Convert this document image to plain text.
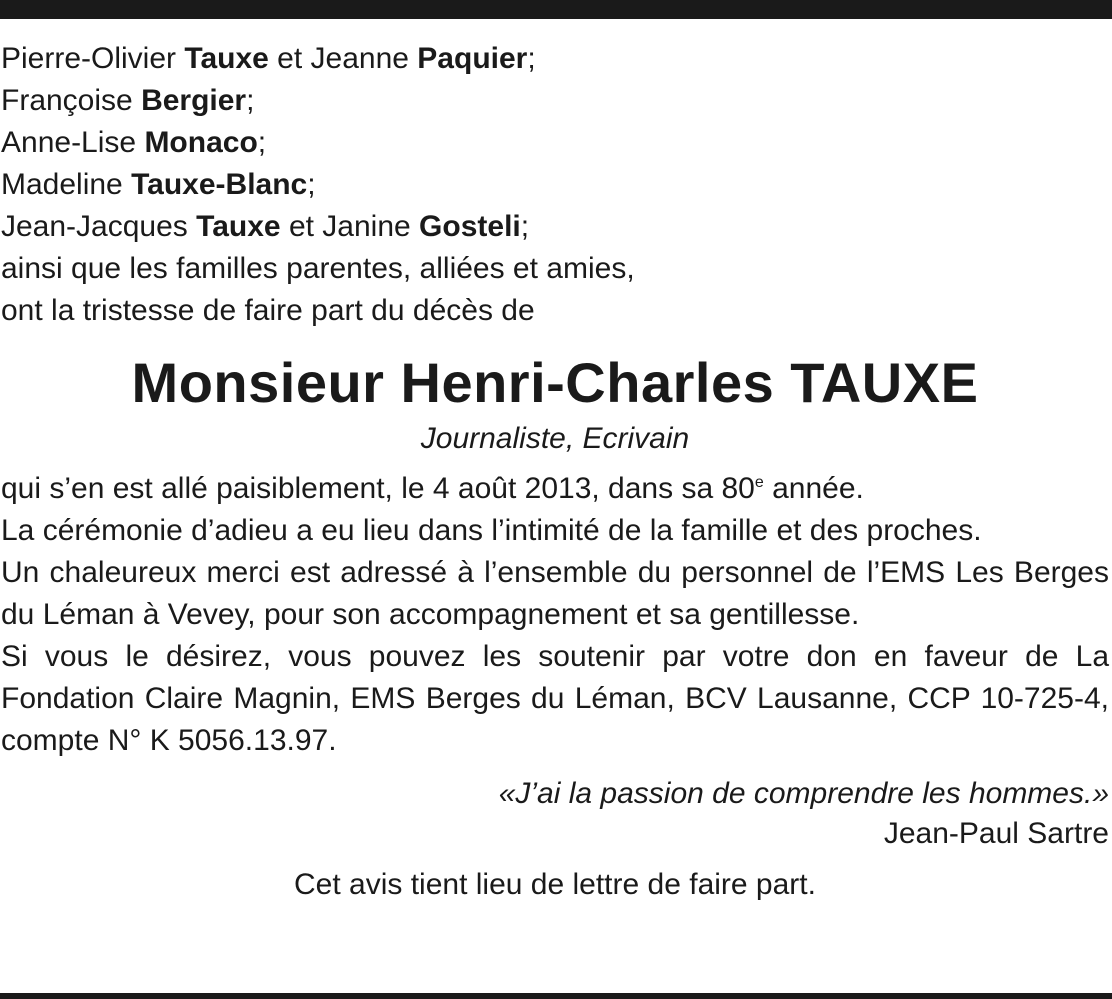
Pierre-Olivier Tauxe et Jeanne Paquier;
Françoise Bergier;
Anne-Lise Monaco;
Madeline Tauxe-Blanc;
Jean-Jacques Tauxe et Janine Gosteli;
ainsi que les familles parentes, alliées et amies,
ont la tristesse de faire part du décès de
Monsieur Henri-Charles TAUXE
Journaliste, Ecrivain
qui s’en est allé paisiblement, le 4 août 2013, dans sa 80e année.
La cérémonie d’adieu a eu lieu dans l’intimité de la famille et des proches.
Un chaleureux merci est adressé à l’ensemble du personnel de l’EMS Les Berges du Léman à Vevey, pour son accompagnement et sa gentillesse.
Si vous le désirez, vous pouvez les soutenir par votre don en faveur de La Fondation Claire Magnin, EMS Berges du Léman, BCV Lausanne, CCP 10-725-4, compte N° K 5056.13.97.
«J’ai la passion de comprendre les hommes.»
Jean-Paul Sartre
Cet avis tient lieu de lettre de faire part.
